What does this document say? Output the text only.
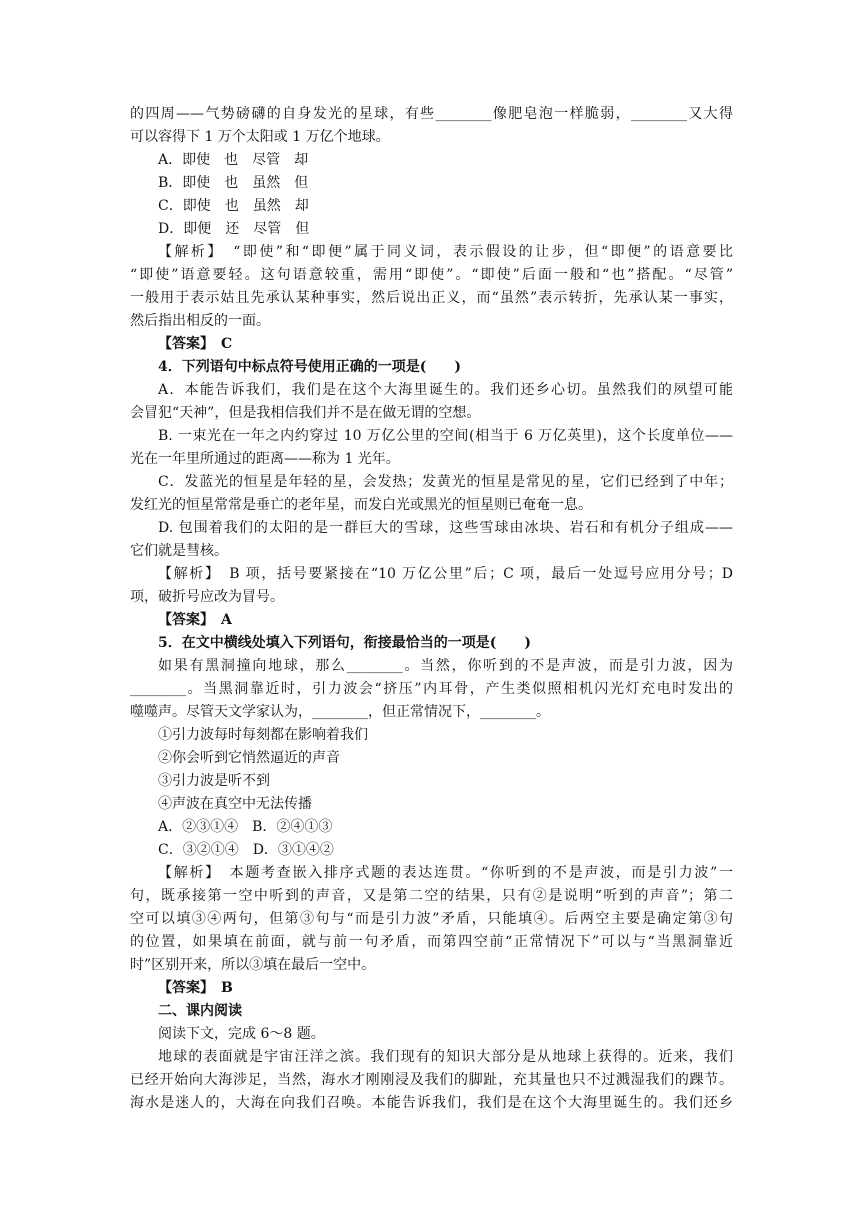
的四周——气势磅礴的自身发光的星球，有些________像肥皂泡一样脆弱，________又大得
可以容得下 1 万个太阳或 1 万亿个地球。
A．即使　也　尽管　却
B．即使　也　虽然　但
C．即使　也　虽然　却
D．即便　还　尽管　但
【解析】　“即使”和“即便”属于同义词，表示假设的让步，但“即便”的语意要比
“即使”语意要轻。这句语意较重，需用“即使”。“即使”后面一般和“也”搭配。“尽管”
一般用于表示姑且先承认某种事实，然后说出正义，而“虽然”表示转折，先承认某一事实，
然后指出相反的一面。
【答案】　C
4．下列语句中标点符号使用正确的一项是(　　)
A．本能告诉我们，我们是在这个大海里诞生的。我们还乡心切。虽然我们的夙望可能
会冒犯“天神”，但是我相信我们并不是在做无谓的空想。
B. 一束光在一年之内约穿过 10 万亿公里的空间(相当于 6 万亿英里)，这个长度单位——
光在一年里所通过的距离——称为 1 光年。
C．发蓝光的恒星是年轻的星，会发热；发黄光的恒星是常见的星，它们已经到了中年；
发红光的恒星常常是垂亡的老年星，而发白光或黑光的恒星则已奄奄一息。
D. 包围着我们的太阳的是一群巨大的雪球，这些雪球由冰块、岩石和有机分子组成——
它们就是彗核。
【解析】　B 项，括号要紧接在“10 万亿公里”后；C 项，最后一处逗号应用分号；D
项，破折号应改为冒号。
【答案】　A
5．在文中横线处填入下列语句，衔接最恰当的一项是(　　)
如果有黑洞撞向地球，那么________。当然，你听到的不是声波，而是引力波，因为
________。当黑洞靠近时，引力波会“挤压”内耳骨，产生类似照相机闪光灯充电时发出的
噬噬声。尽管天文学家认为，________，但正常情况下，________。
①引力波每时每刻都在影响着我们
②你会听到它悄然逼近的声音
③引力波是听不到
④声波在真空中无法传播
A．②③①④　B．②④①③
C．③②①④　D．③①④②
【解析】　本题考查嵌入排序式题的表达连贯。“你听到的不是声波，而是引力波”一
句，既承接第一空中听到的声音，又是第二空的结果，只有②是说明“听到的声音”；第二
空可以填③④两句，但第③句与“而是引力波”矛盾，只能填④。后两空主要是确定第③句
的位置，如果填在前面，就与前一句矛盾，而第四空前“正常情况下”可以与“当黑洞靠近
时”区别开来，所以③填在最后一空中。
【答案】　B
二、课内阅读
阅读下文，完成 6～8 题。
地球的表面就是宇宙汪洋之滨。我们现有的知识大部分是从地球上获得的。近来，我们
已经开始向大海涉足，当然，海水才刚刚浸及我们的脚趾，充其量也只不过溅湿我们的踝节。
海水是迷人的，大海在向我们召唤。本能告诉我们，我们是在这个大海里诞生的。我们还乡
